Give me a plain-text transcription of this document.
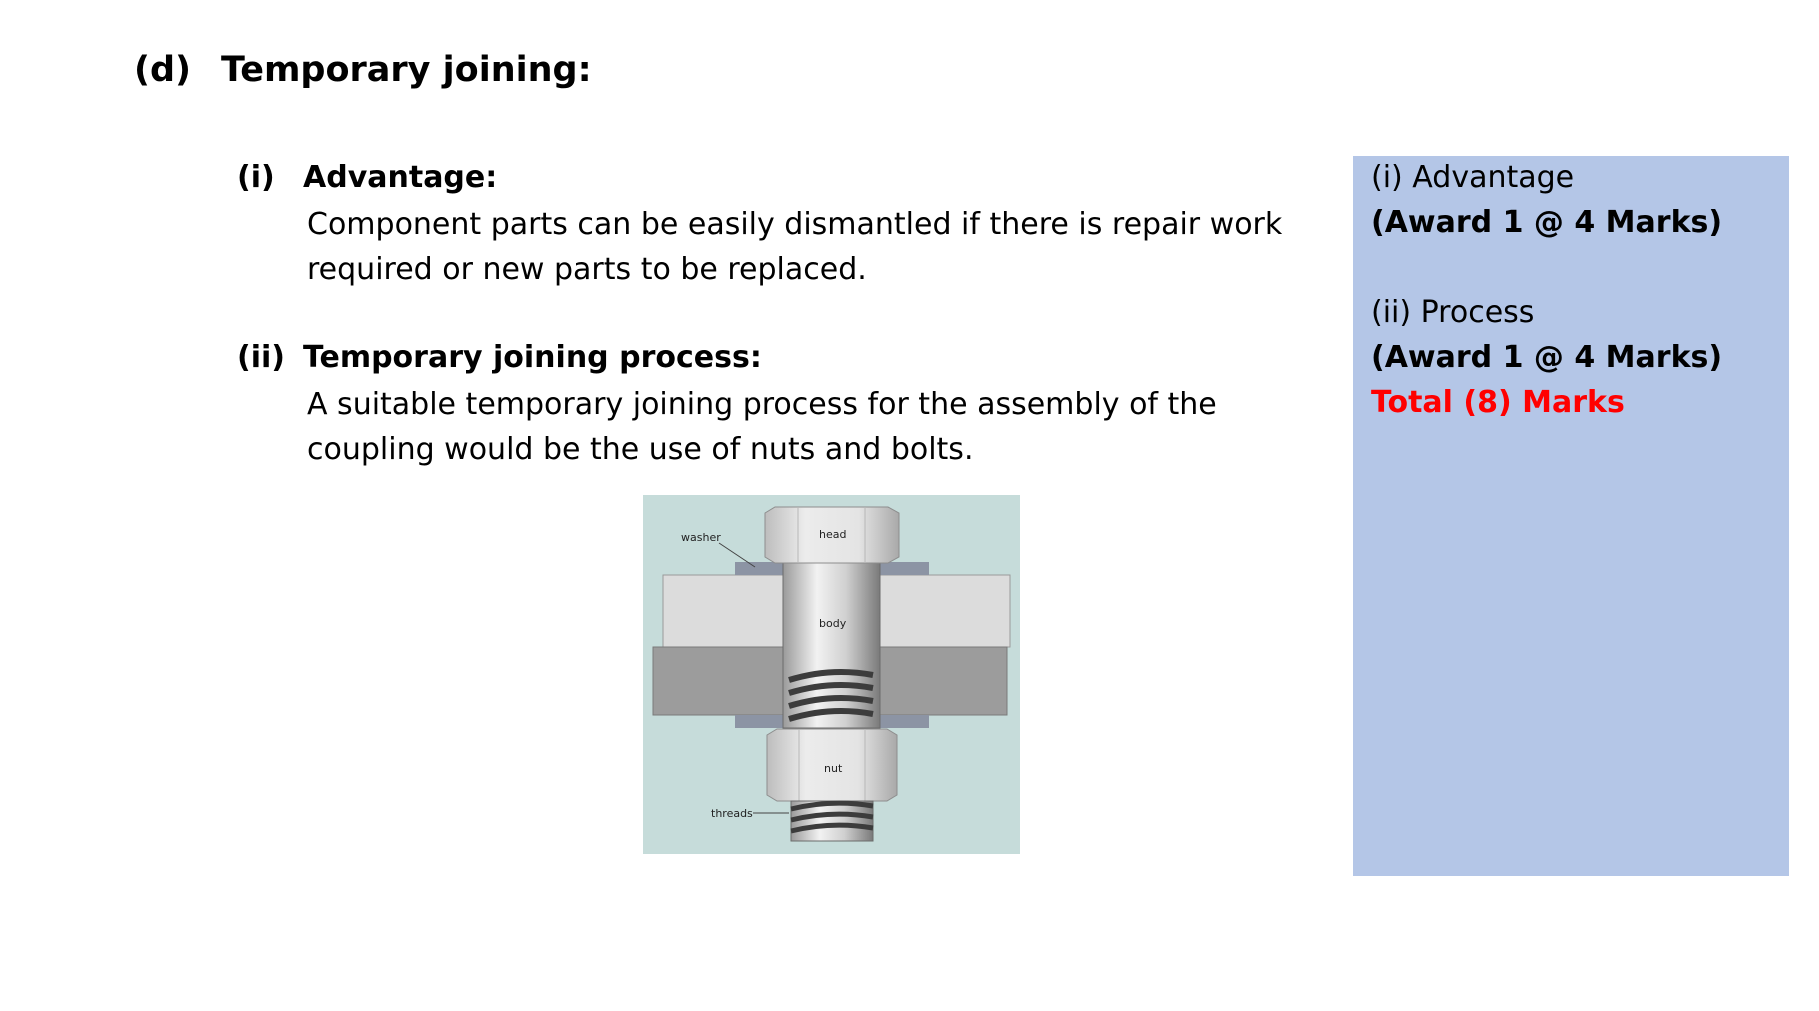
(d) Temporary joining:
(i) Advantage:
Component parts can be easily dismantled if there is repair work
required or new parts to be replaced.
(ii) Temporary joining process:
A suitable temporary joining process for the assembly of the
coupling would be the use of nuts and bolts.
(i) Advantage
(Award 1 @ 4 Marks)
(ii) Process
(Award 1 @ 4 Marks)
Total (8) Marks
washer	head
body
nut
threads
